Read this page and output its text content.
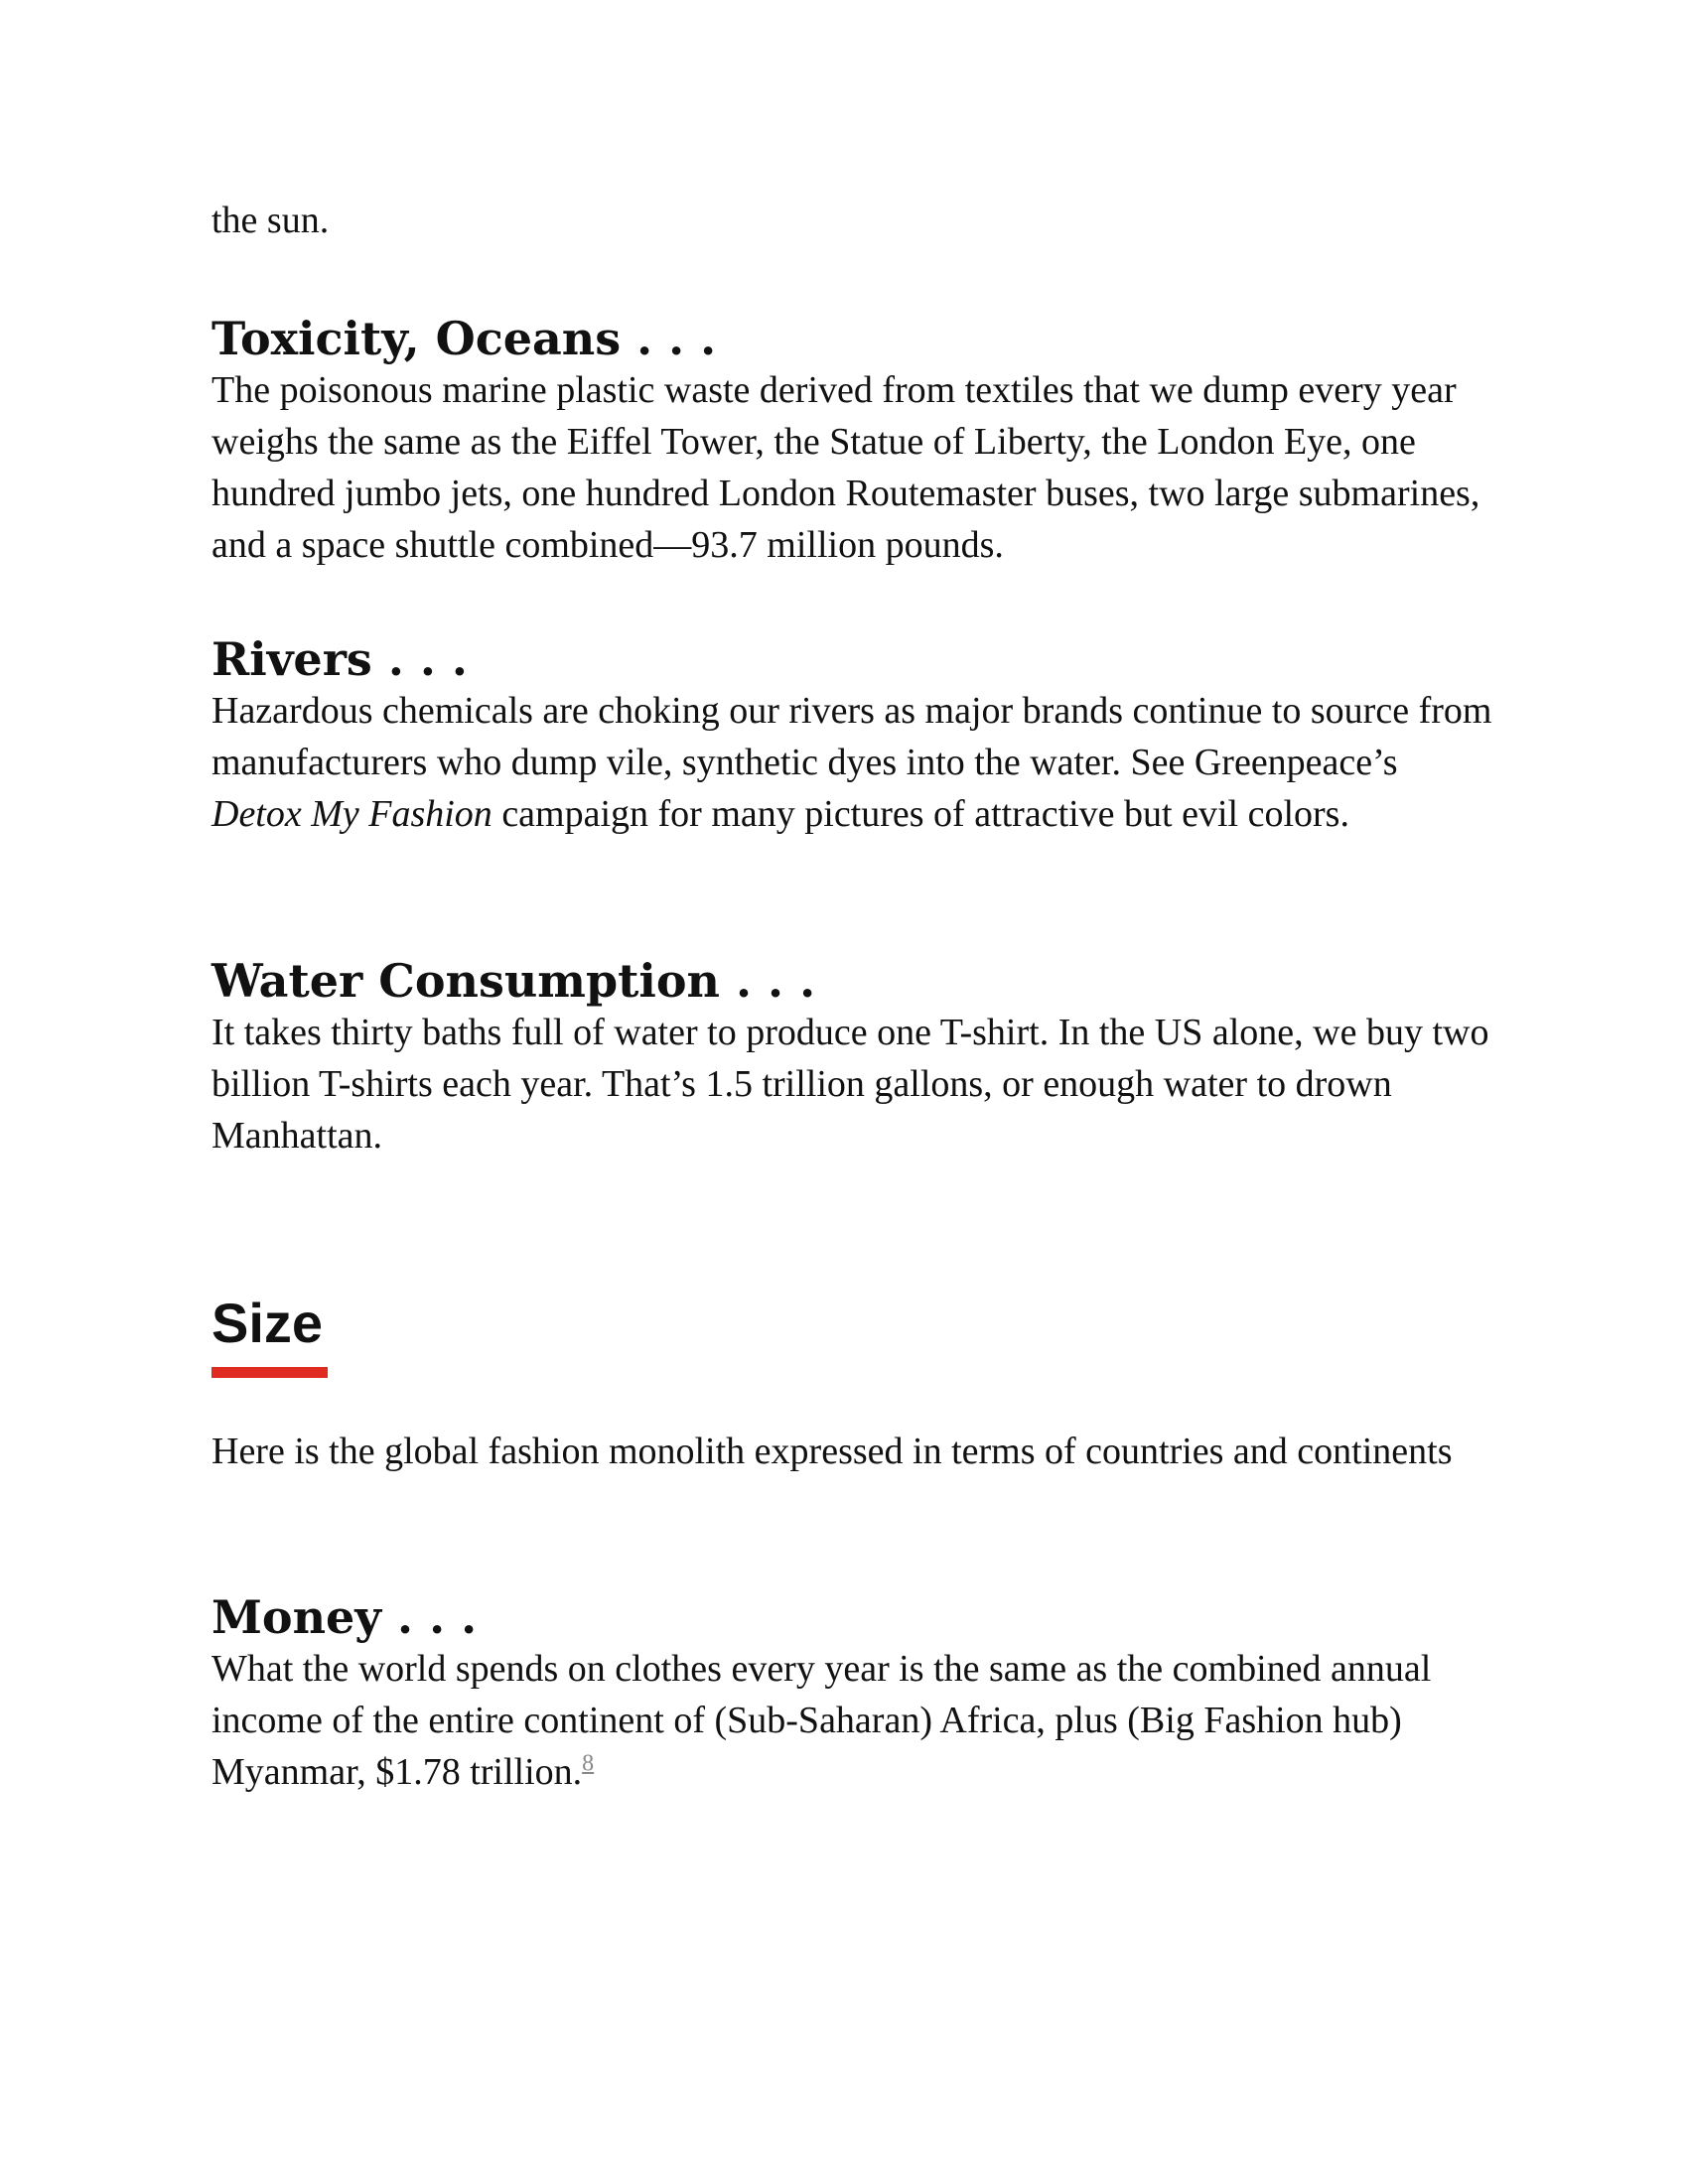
the sun.

Toxicity, Oceans . . .

The poisonous marine plastic waste derived from textiles that we dump every year weighs the same as the Eiffel Tower, the Statue of Liberty, the London Eye, one hundred jumbo jets, one hundred London Routemaster buses, two large submarines, and a space shuttle combined—93.7 million pounds.

Rivers . . .

Hazardous chemicals are choking our rivers as major brands continue to source from manufacturers who dump vile, synthetic dyes into the water. See Greenpeace’s Detox My Fashion campaign for many pictures of attractive but evil colors.

Water Consumption . . .

It takes thirty baths full of water to produce one T-shirt. In the US alone, we buy two billion T-shirts each year. That’s 1.5 trillion gallons, or enough water to drown Manhattan.

Size

Here is the global fashion monolith expressed in terms of countries and continents

Money . . .

What the world spends on clothes every year is the same as the combined annual income of the entire continent of (Sub-Saharan) Africa, plus (Big Fashion hub) Myanmar, $1.78 trillion.$^8$
